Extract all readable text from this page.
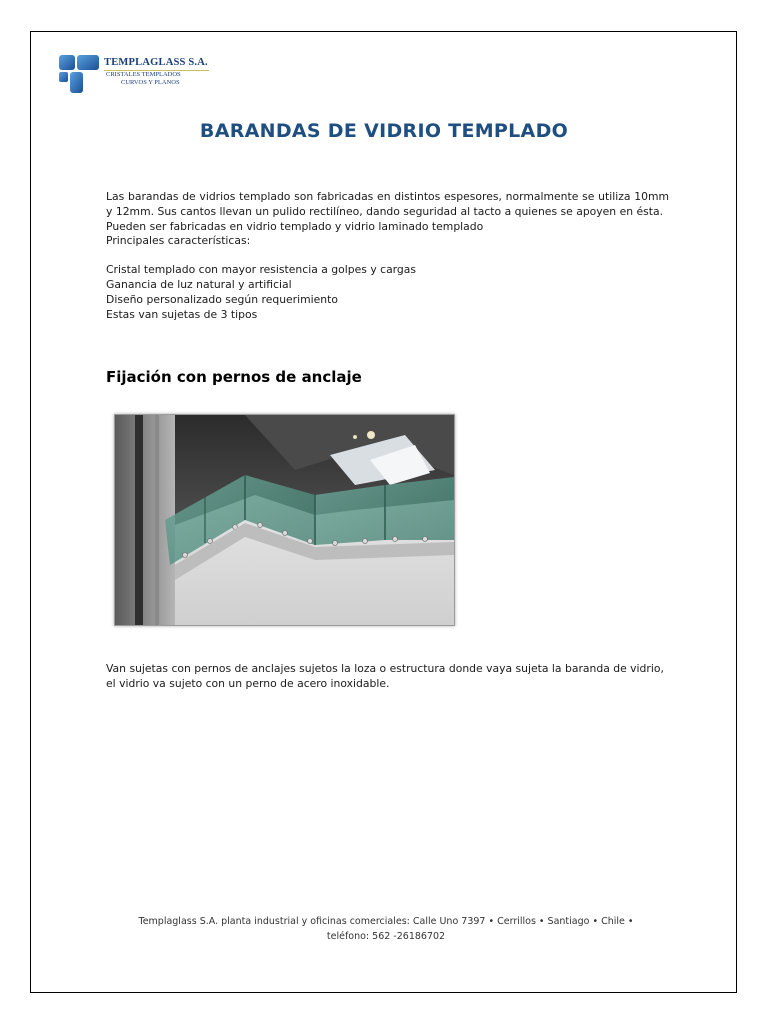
TEMPLAGLASS S.A.
CRISTALES TEMPLADOS
CURVOS Y PLANOS
BARANDAS DE VIDRIO TEMPLADO

Las barandas de vidrios templado son fabricadas en distintos espesores, normalmente se utiliza 10mm y 12mm. Sus cantos llevan un pulido rectilíneo, dando seguridad al tacto a quienes se apoyen en ésta.

Pueden ser fabricadas en vidrio templado y vidrio laminado templado

Principales características:

Cristal templado con mayor resistencia a golpes y cargas

Ganancia de luz natural y artificial

Diseño personalizado según requerimiento

Estas van sujetas de 3 tipos

Fijación con pernos de anclaje
Van sujetas con pernos de anclajes sujetos la loza o estructura donde vaya sujeta la baranda de vidrio, el vidrio va sujeto con un perno de acero inoxidable.
Templaglass S.A. planta industrial y oficinas comerciales: Calle Uno 7397 • Cerrillos • Santiago • Chile •
teléfono: 562 -26186702
